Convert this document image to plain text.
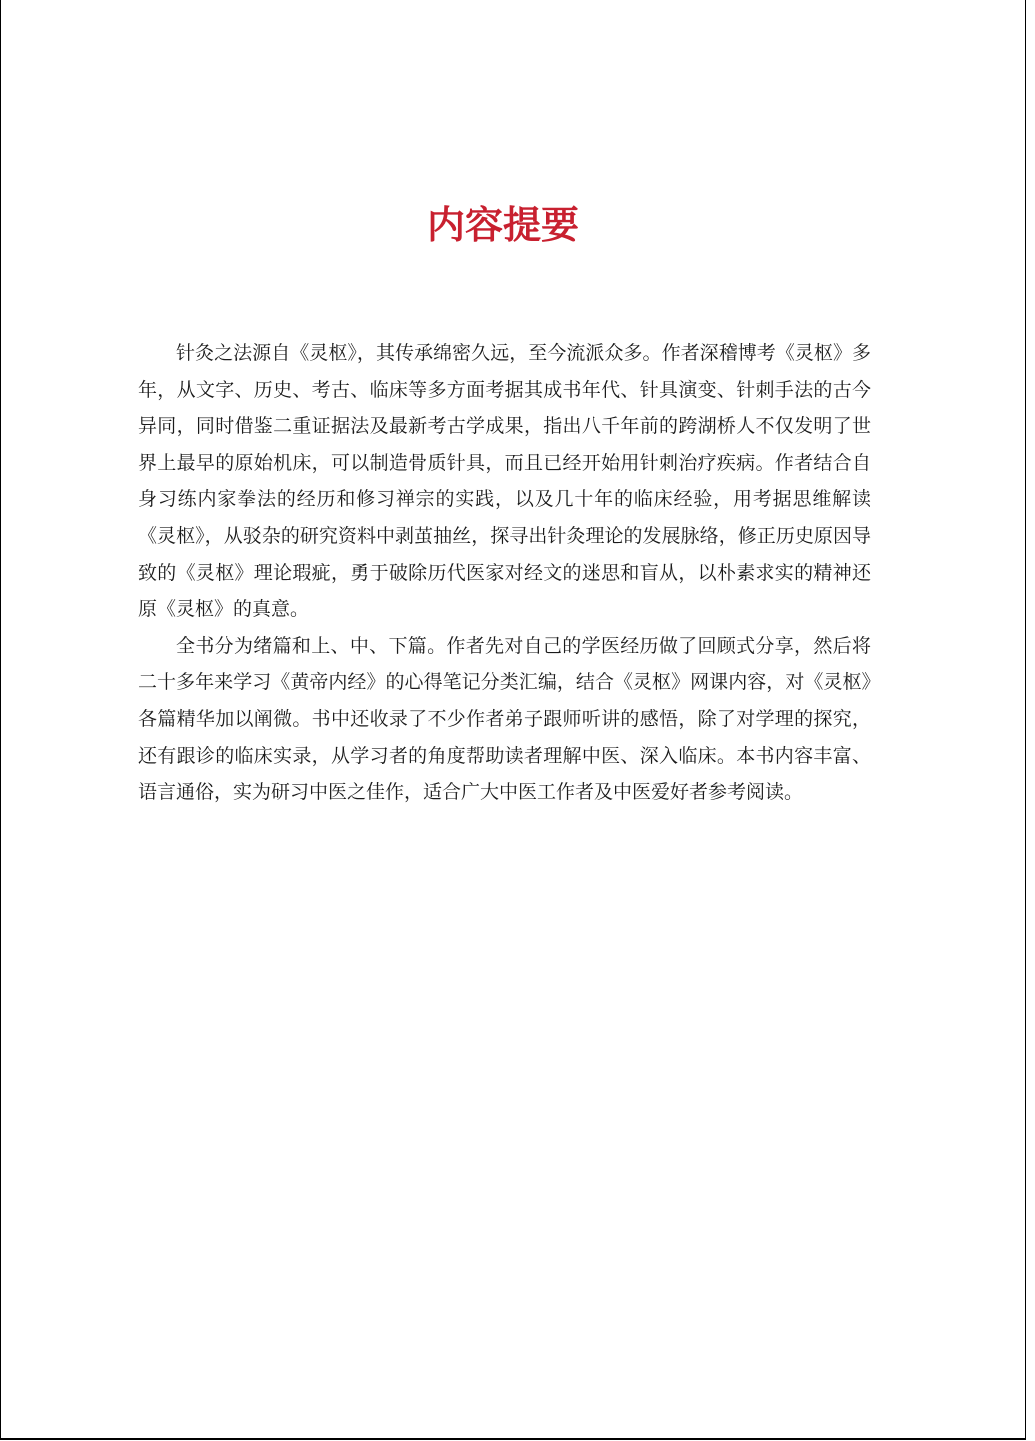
内容提要

针灸之法源自《灵枢》，其传承绵密久远，至今流派众多。作者深稽博考《灵枢》多年，从文字、历史、考古、临床等多方面考据其成书年代、针具演变、针刺手法的古今异同，同时借鉴二重证据法及最新考古学成果，指出八千年前的跨湖桥人不仅发明了世界上最早的原始机床，可以制造骨质针具，而且已经开始用针刺治疗疾病。作者结合自身习练内家拳法的经历和修习禅宗的实践，以及几十年的临床经验，用考据思维解读《灵枢》，从驳杂的研究资料中剥茧抽丝，探寻出针灸理论的发展脉络，修正历史原因导致的《灵枢》理论瑕疵，勇于破除历代医家对经文的迷思和盲从，以朴素求实的精神还原《灵枢》的真意。

全书分为绪篇和上、中、下篇。作者先对自己的学医经历做了回顾式分享，然后将二十多年来学习《黄帝内经》的心得笔记分类汇编，结合《灵枢》网课内容，对《灵枢》各篇精华加以阐微。书中还收录了不少作者弟子跟师听讲的感悟，除了对学理的探究，还有跟诊的临床实录，从学习者的角度帮助读者理解中医、深入临床。本书内容丰富、语言通俗，实为研习中医之佳作，适合广大中医工作者及中医爱好者参考阅读。
